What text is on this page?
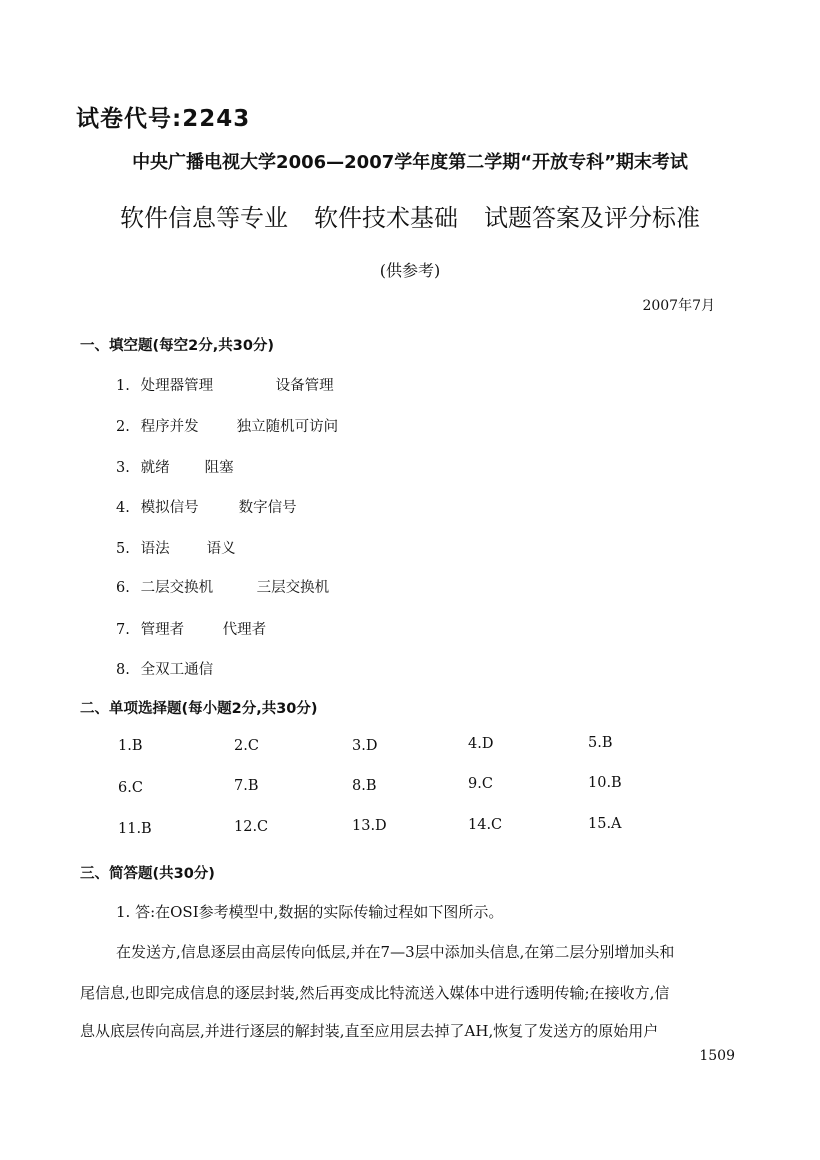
试卷代号:2243
中央广播电视大学2006—2007学年度第二学期“开放专科”期末考试
软件信息等专业 软件技术基础 试题答案及评分标准
(供参考)
2007年7月
一、填空题(每空2分,共30分)
1. 处理器管理	设备管理
2. 程序并发	独立随机可访问
3. 就绪 阻塞
4. 模拟信号	数字信号
5. 语法	语义
6. 二层交换机	三层交换机
7. 管理者	代理者
8. 全双工通信
二、单项选择题(每小题2分,共30分)
1.B	2.C	3.D	4.D	5.B
6.C	7.B	8.B	9.C	10.B
11.B	12.C	13.D	14.C	15.A
三、简答题(共30分)
1. 答:在OSI参考模型中,数据的实际传输过程如下图所示。
在发送方,信息逐层由高层传向低层,并在7—3层中添加头信息,在第二层分别增加头和
尾信息,也即完成信息的逐层封装,然后再变成比特流送入媒体中进行透明传输;在接收方,信
息从底层传向高层,并进行逐层的解封装,直至应用层去掉了AH,恢复了发送方的原始用户
1509
